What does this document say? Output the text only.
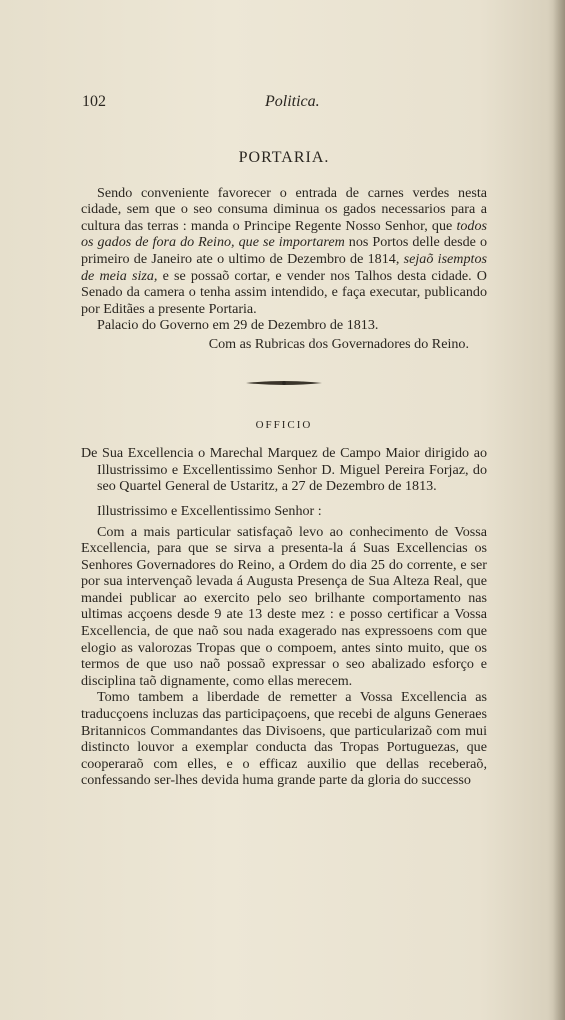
102	Politica.
PORTARIA.

Sendo conveniente favorecer o entrada de carnes verdes nesta cidade, sem que o seo consuma diminua os gados necessarios para a cultura das terras : manda o Principe Regente Nosso Senhor, que todos os gados de fora do Reino, que se importarem nos Portos delle desde o primeiro de Janeiro ate o ultimo de Dezembro de 1814, sejaõ isemptos de meia siza, e se possaõ cortar, e vender nos Talhos desta cidade. O Senado da camera o tenha assim intendido, e faça executar, publicando por Editães a presente Portaria.

Palacio do Governo em 29 de Dezembro de 1813.

Com as Rubricas dos Governadores do Reino.

OFFICIO

De Sua Excellencia o Marechal Marquez de Campo Maior dirigido ao Illustrissimo e Excellentissimo Senhor D. Miguel Pereira Forjaz, do seo Quartel General de Ustaritz, a 27 de Dezembro de 1813.

Illustrissimo e Excellentissimo Senhor :

Com a mais particular satisfaçaõ levo ao conhecimento de Vossa Excellencia, para que se sirva a presenta-la á Suas Excellencias os Senhores Governadores do Reino, a Ordem do dia 25 do corrente, e ser por sua intervençaõ levada á Augusta Presença de Sua Alteza Real, que mandei publicar ao exercito pelo seo brilhante comportamento nas ultimas acçoens desde 9 ate 13 deste mez : e posso certificar a Vossa Excellencia, de que naõ sou nada exagerado nas expressoens com que elogio as valorozas Tropas que o compoem, antes sinto muito, que os termos de que uso naõ possaõ expressar o seo abalizado esforço e disciplina taõ dignamente, como ellas merecem.

Tomo tambem a liberdade de remetter a Vossa Excellencia as traducçoens incluzas das participaçoens, que recebi de alguns Generaes Britannicos Commandantes das Divisoens, que particularizaõ com mui distincto louvor a exemplar conducta das Tropas Portuguezas, que cooperaraõ com elles, e o efficaz auxilio que dellas receberaõ, confessando ser-lhes devida huma grande parte da gloria do successo
